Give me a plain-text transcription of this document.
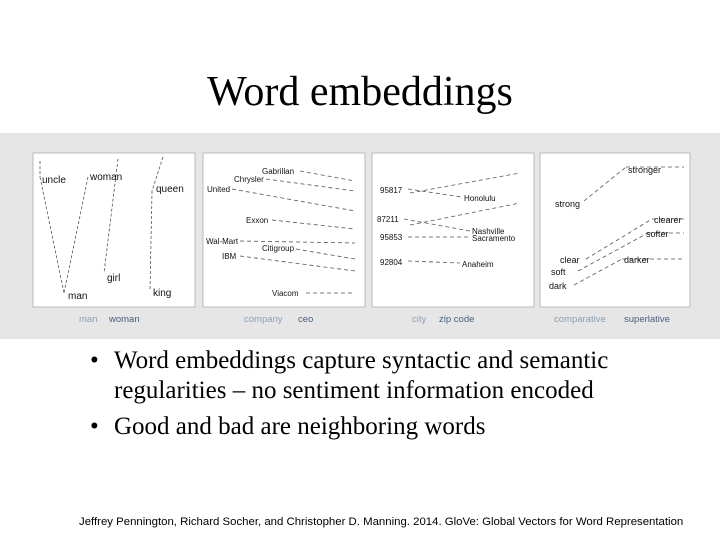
Word embeddings
uncle woman
queen
girl
man	king
Gabrillan
Chrysler
United
Exxon
Wal-Mart
Citigroup
IBM
Viacom
95817
Honolulu
87211
Nashville
95853	Sacramento
92804	Anaheim
stronger
strong
clearer
softer
clear	darker
soft
dark
man woman	company ceo	city zip code	comparative superlative
• Word embeddings capture syntactic and semantic regularities – no sentiment information encoded
• Good and bad are neighboring words
Jeffrey Pennington, Richard Socher, and Christopher D. Manning. 2014. GloVe: Global Vectors for Word Representation
